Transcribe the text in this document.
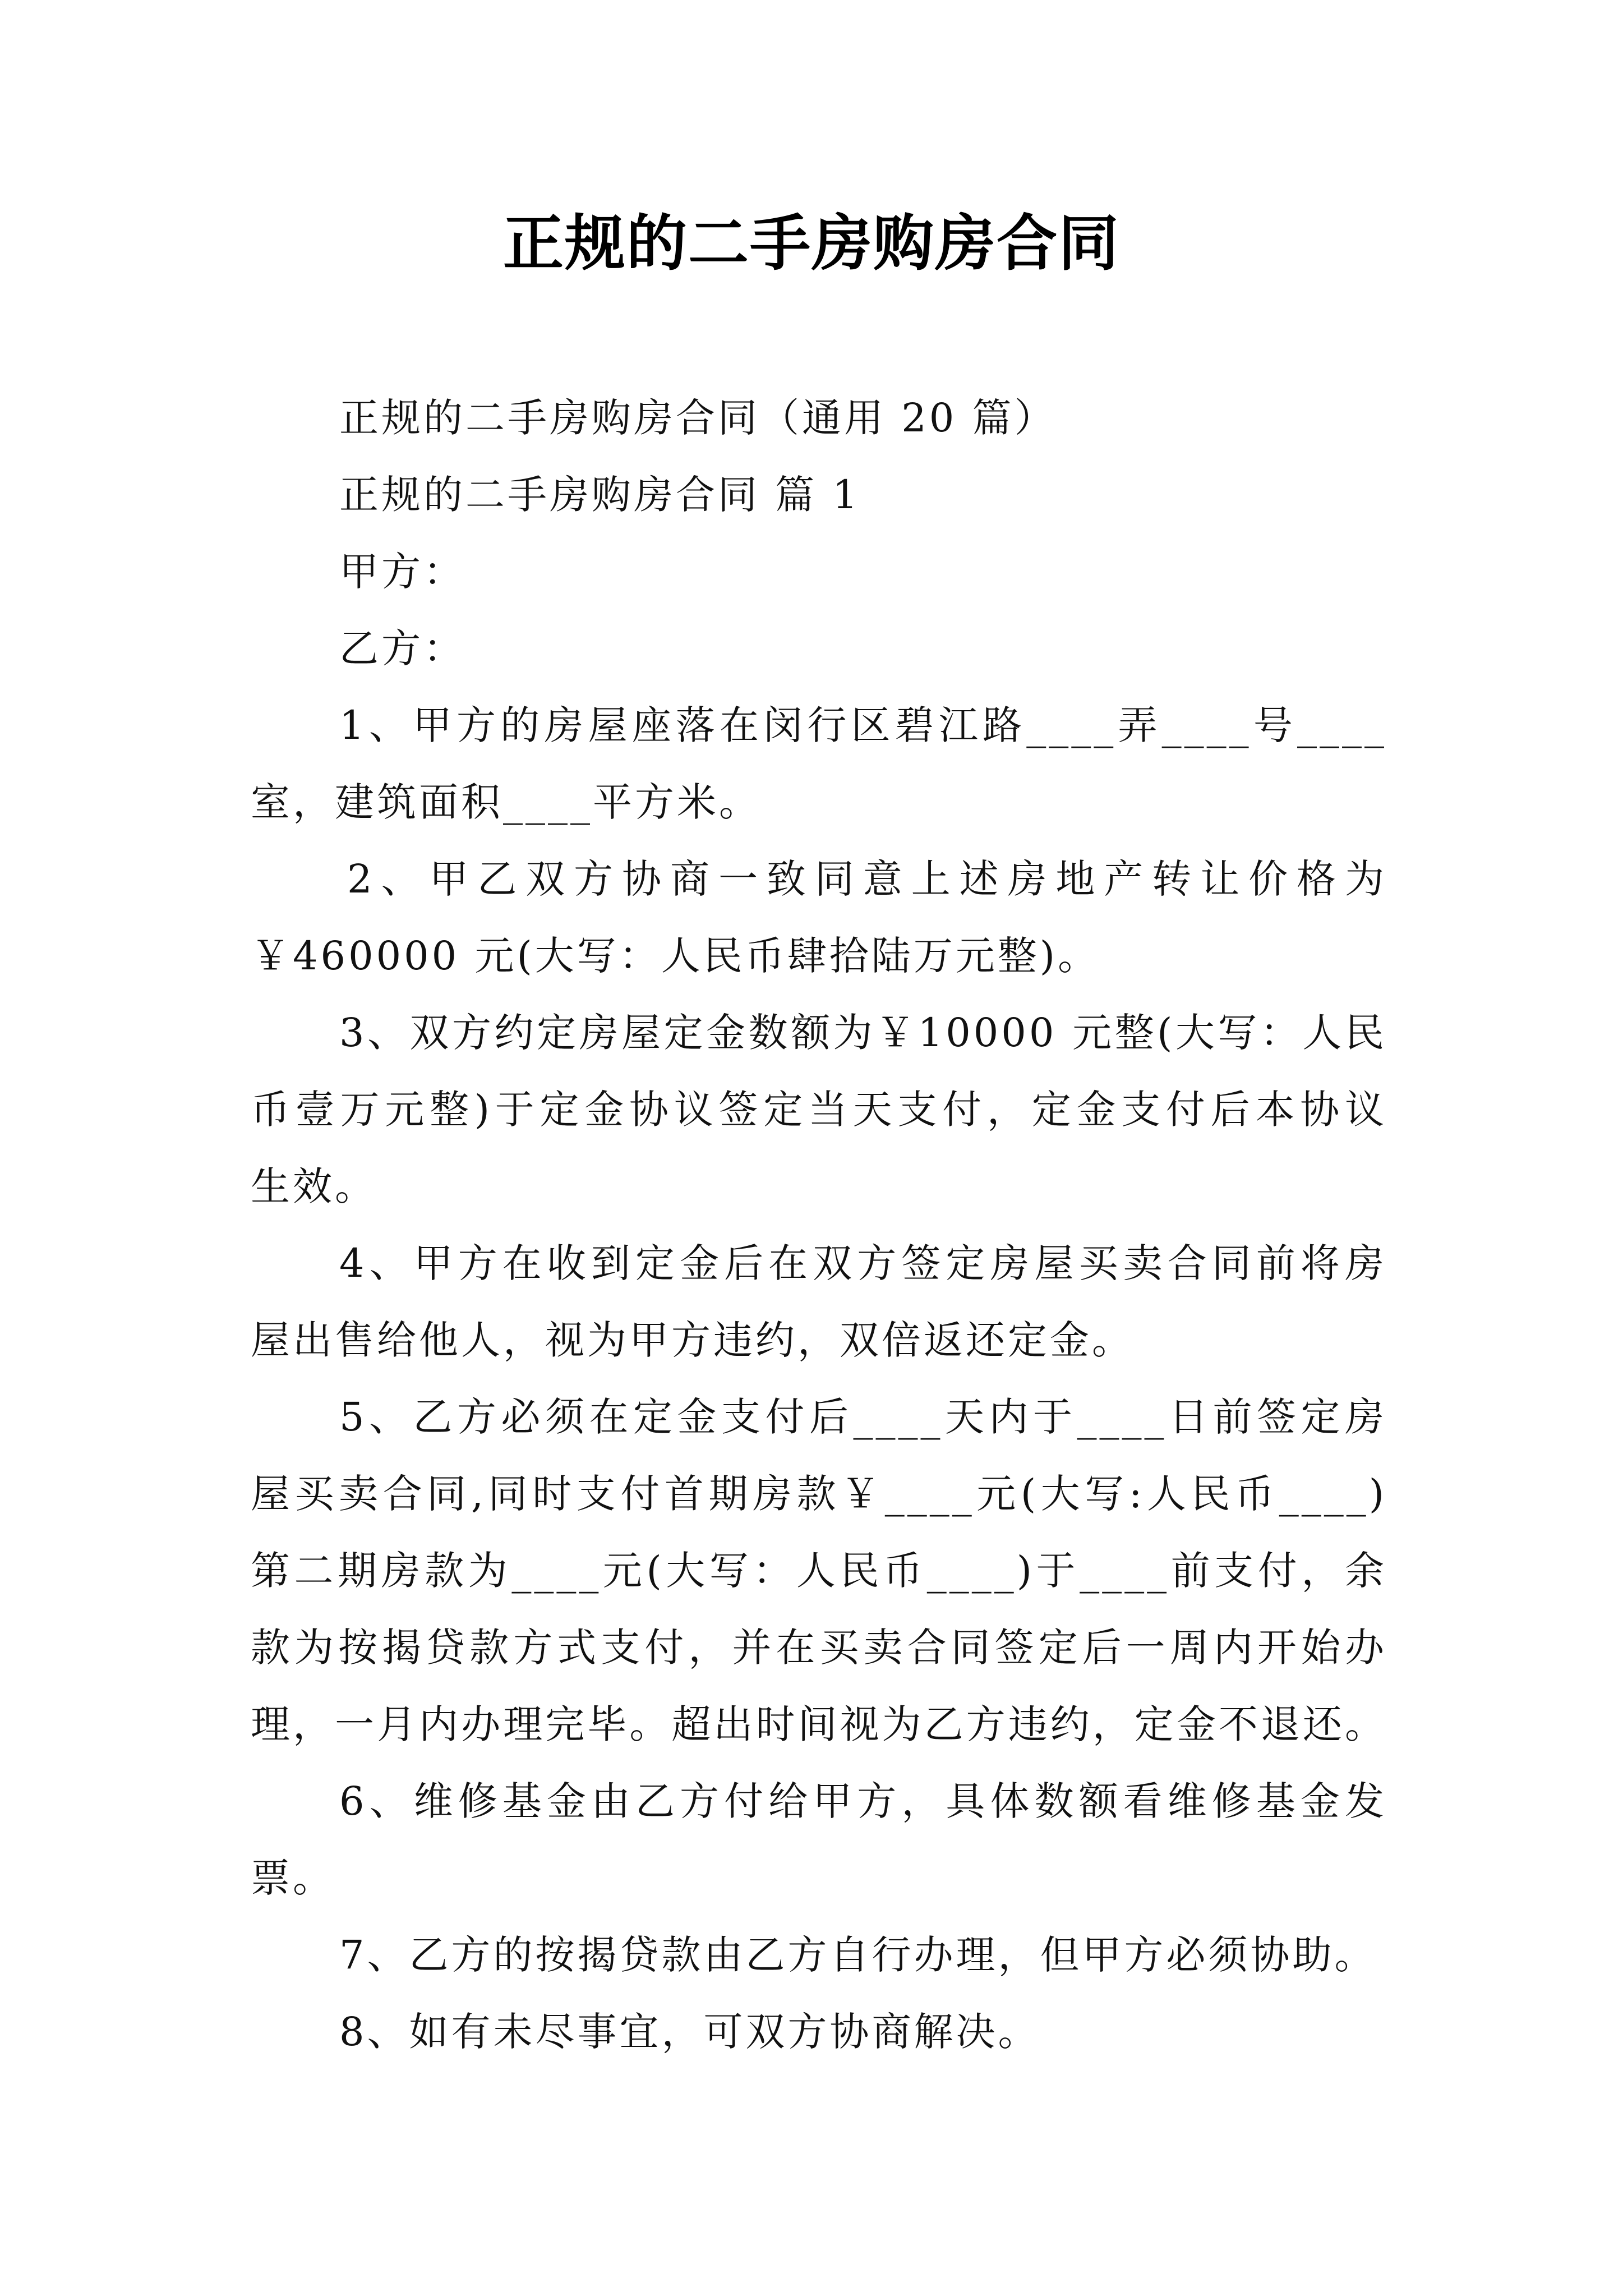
正规的二手房购房合同
正规的二手房购房合同（通用 20 篇）
正规的二手房购房合同 篇 1
甲方：
乙方：
1、甲方的房屋座落在闵行区碧江路____弄____号____
室，建筑面积____平方米。
2、甲乙双方协商一致同意上述房地产转让价格为
￥460000 元(大写：人民币肆拾陆万元整)。
3、双方约定房屋定金数额为￥10000 元整(大写：人民
币壹万元整)于定金协议签定当天支付，定金支付后本协议
生效。
4、甲方在收到定金后在双方签定房屋买卖合同前将房
屋出售给他人，视为甲方违约，双倍返还定金。
5、乙方必须在定金支付后____天内于____日前签定房
屋买卖合同,同时支付首期房款￥____元(大写:人民币____)
第二期房款为____元(大写：人民币____)于____前支付，余
款为按揭贷款方式支付，并在买卖合同签定后一周内开始办
理，一月内办理完毕。超出时间视为乙方违约，定金不退还。
6、维修基金由乙方付给甲方，具体数额看维修基金发
票。
7、乙方的按揭贷款由乙方自行办理，但甲方必须协助。
8、如有未尽事宜，可双方协商解决。
